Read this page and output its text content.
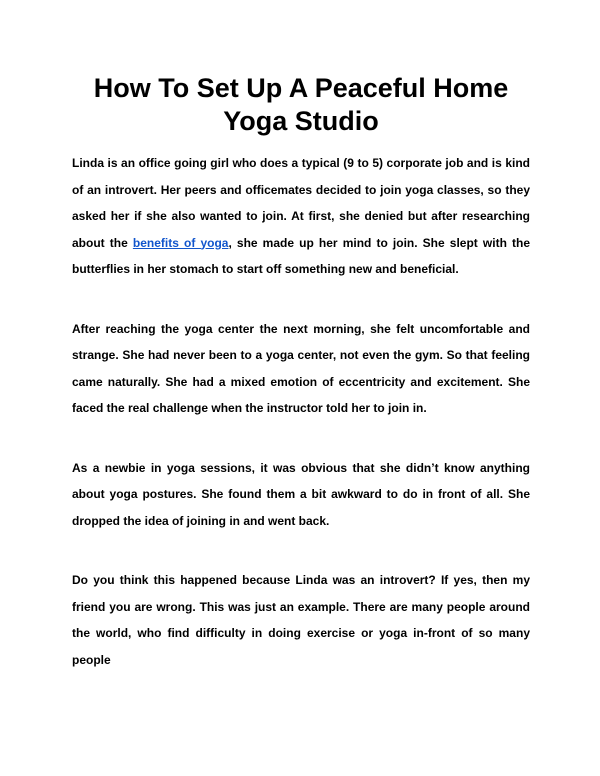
How To Set Up A Peaceful Home Yoga Studio

Linda is an office going girl who does a typical (9 to 5) corporate job and is kind of an introvert. Her peers and officemates decided to join yoga classes, so they asked her if she also wanted to join. At first, she denied but after researching about the benefits of yoga, she made up her mind to join. She slept with the butterflies in her stomach to start off something new and beneficial.

After reaching the yoga center the next morning, she felt uncomfortable and strange. She had never been to a yoga center, not even the gym. So that feeling came naturally. She had a mixed emotion of eccentricity and excitement. She faced the real challenge when the instructor told her to join in.

As a newbie in yoga sessions, it was obvious that she didn’t know anything about yoga postures. She found them a bit awkward to do in front of all. She dropped the idea of joining in and went back.

Do you think this happened because Linda was an introvert? If yes, then my friend you are wrong. This was just an example. There are many people around the world, who find difficulty in doing exercise or yoga in-front of so many people
